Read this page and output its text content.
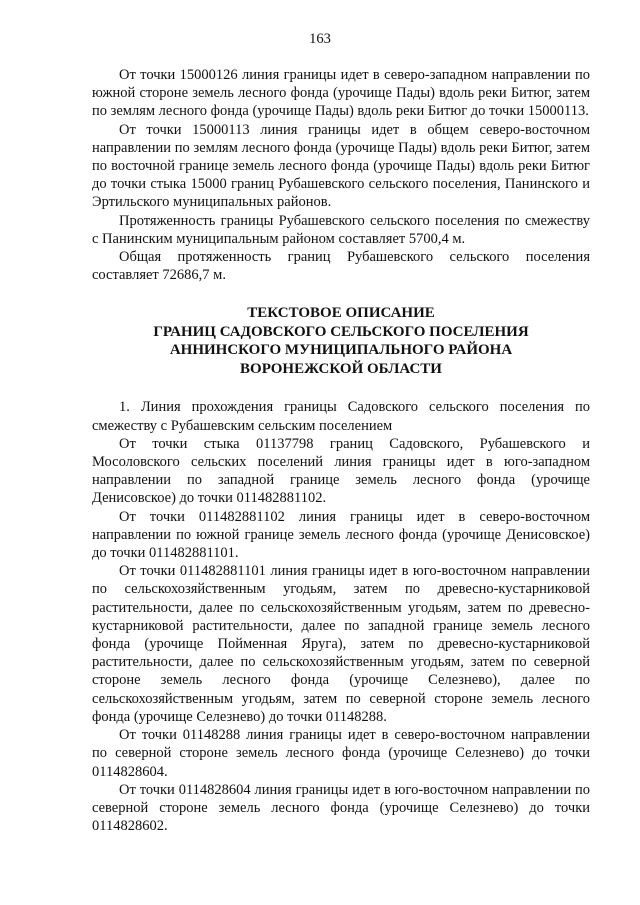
163

От точки 15000126 линия границы идет в северо-западном направлении по южной стороне земель лесного фонда (урочище Пады) вдоль реки Битюг, затем по землям лесного фонда (урочище Пады) вдоль реки Битюг до точки 15000113.

От точки 15000113 линия границы идет в общем северо-восточном направлении по землям лесного фонда (урочище Пады) вдоль реки Битюг, затем по восточной границе земель лесного фонда (урочище Пады) вдоль реки Битюг до точки стыка 15000 границ Рубашевского сельского поселения, Панинского и Эртильского муниципальных районов.

Протяженность границы Рубашевского сельского поселения по смежеству с Панинским муниципальным районом составляет 5700,4 м.

Общая протяженность границ Рубашевского сельского поселения составляет 72686,7 м.

ТЕКСТОВОЕ ОПИСАНИЕ
ГРАНИЦ САДОВСКОГО СЕЛЬСКОГО ПОСЕЛЕНИЯ
АННИНСКОГО МУНИЦИПАЛЬНОГО РАЙОНА
ВОРОНЕЖСКОЙ ОБЛАСТИ

1. Линия прохождения границы Садовского сельского поселения по смежеству с Рубашевским сельским поселением

От точки стыка 01137798 границ Садовского, Рубашевского и Мосоловского сельских поселений линия границы идет в юго-западном направлении по западной границе земель лесного фонда (урочище Денисовское) до точки 011482881102.

От точки 011482881102 линия границы идет в северо-восточном направлении по южной границе земель лесного фонда (урочище Денисовское) до точки 011482881101.

От точки 011482881101 линия границы идет в юго-восточном направлении по сельскохозяйственным угодьям, затем по древесно-кустарниковой растительности, далее по сельскохозяйственным угодьям, затем по древесно-кустарниковой растительности, далее по западной границе земель лесного фонда (урочище Пойменная Яруга), затем по древесно-кустарниковой растительности, далее по сельскохозяйственным угодьям, затем по северной стороне земель лесного фонда (урочище Селезнево), далее по сельскохозяйственным угодьям, затем по северной стороне земель лесного фонда (урочище Селезнево) до точки 01148288.

От точки 01148288 линия границы идет в северо-восточном направлении по северной стороне земель лесного фонда (урочище Селезнево) до точки 0114828604.

От точки 0114828604 линия границы идет в юго-восточном направлении по северной стороне земель лесного фонда (урочище Селезнево) до точки 0114828602.
